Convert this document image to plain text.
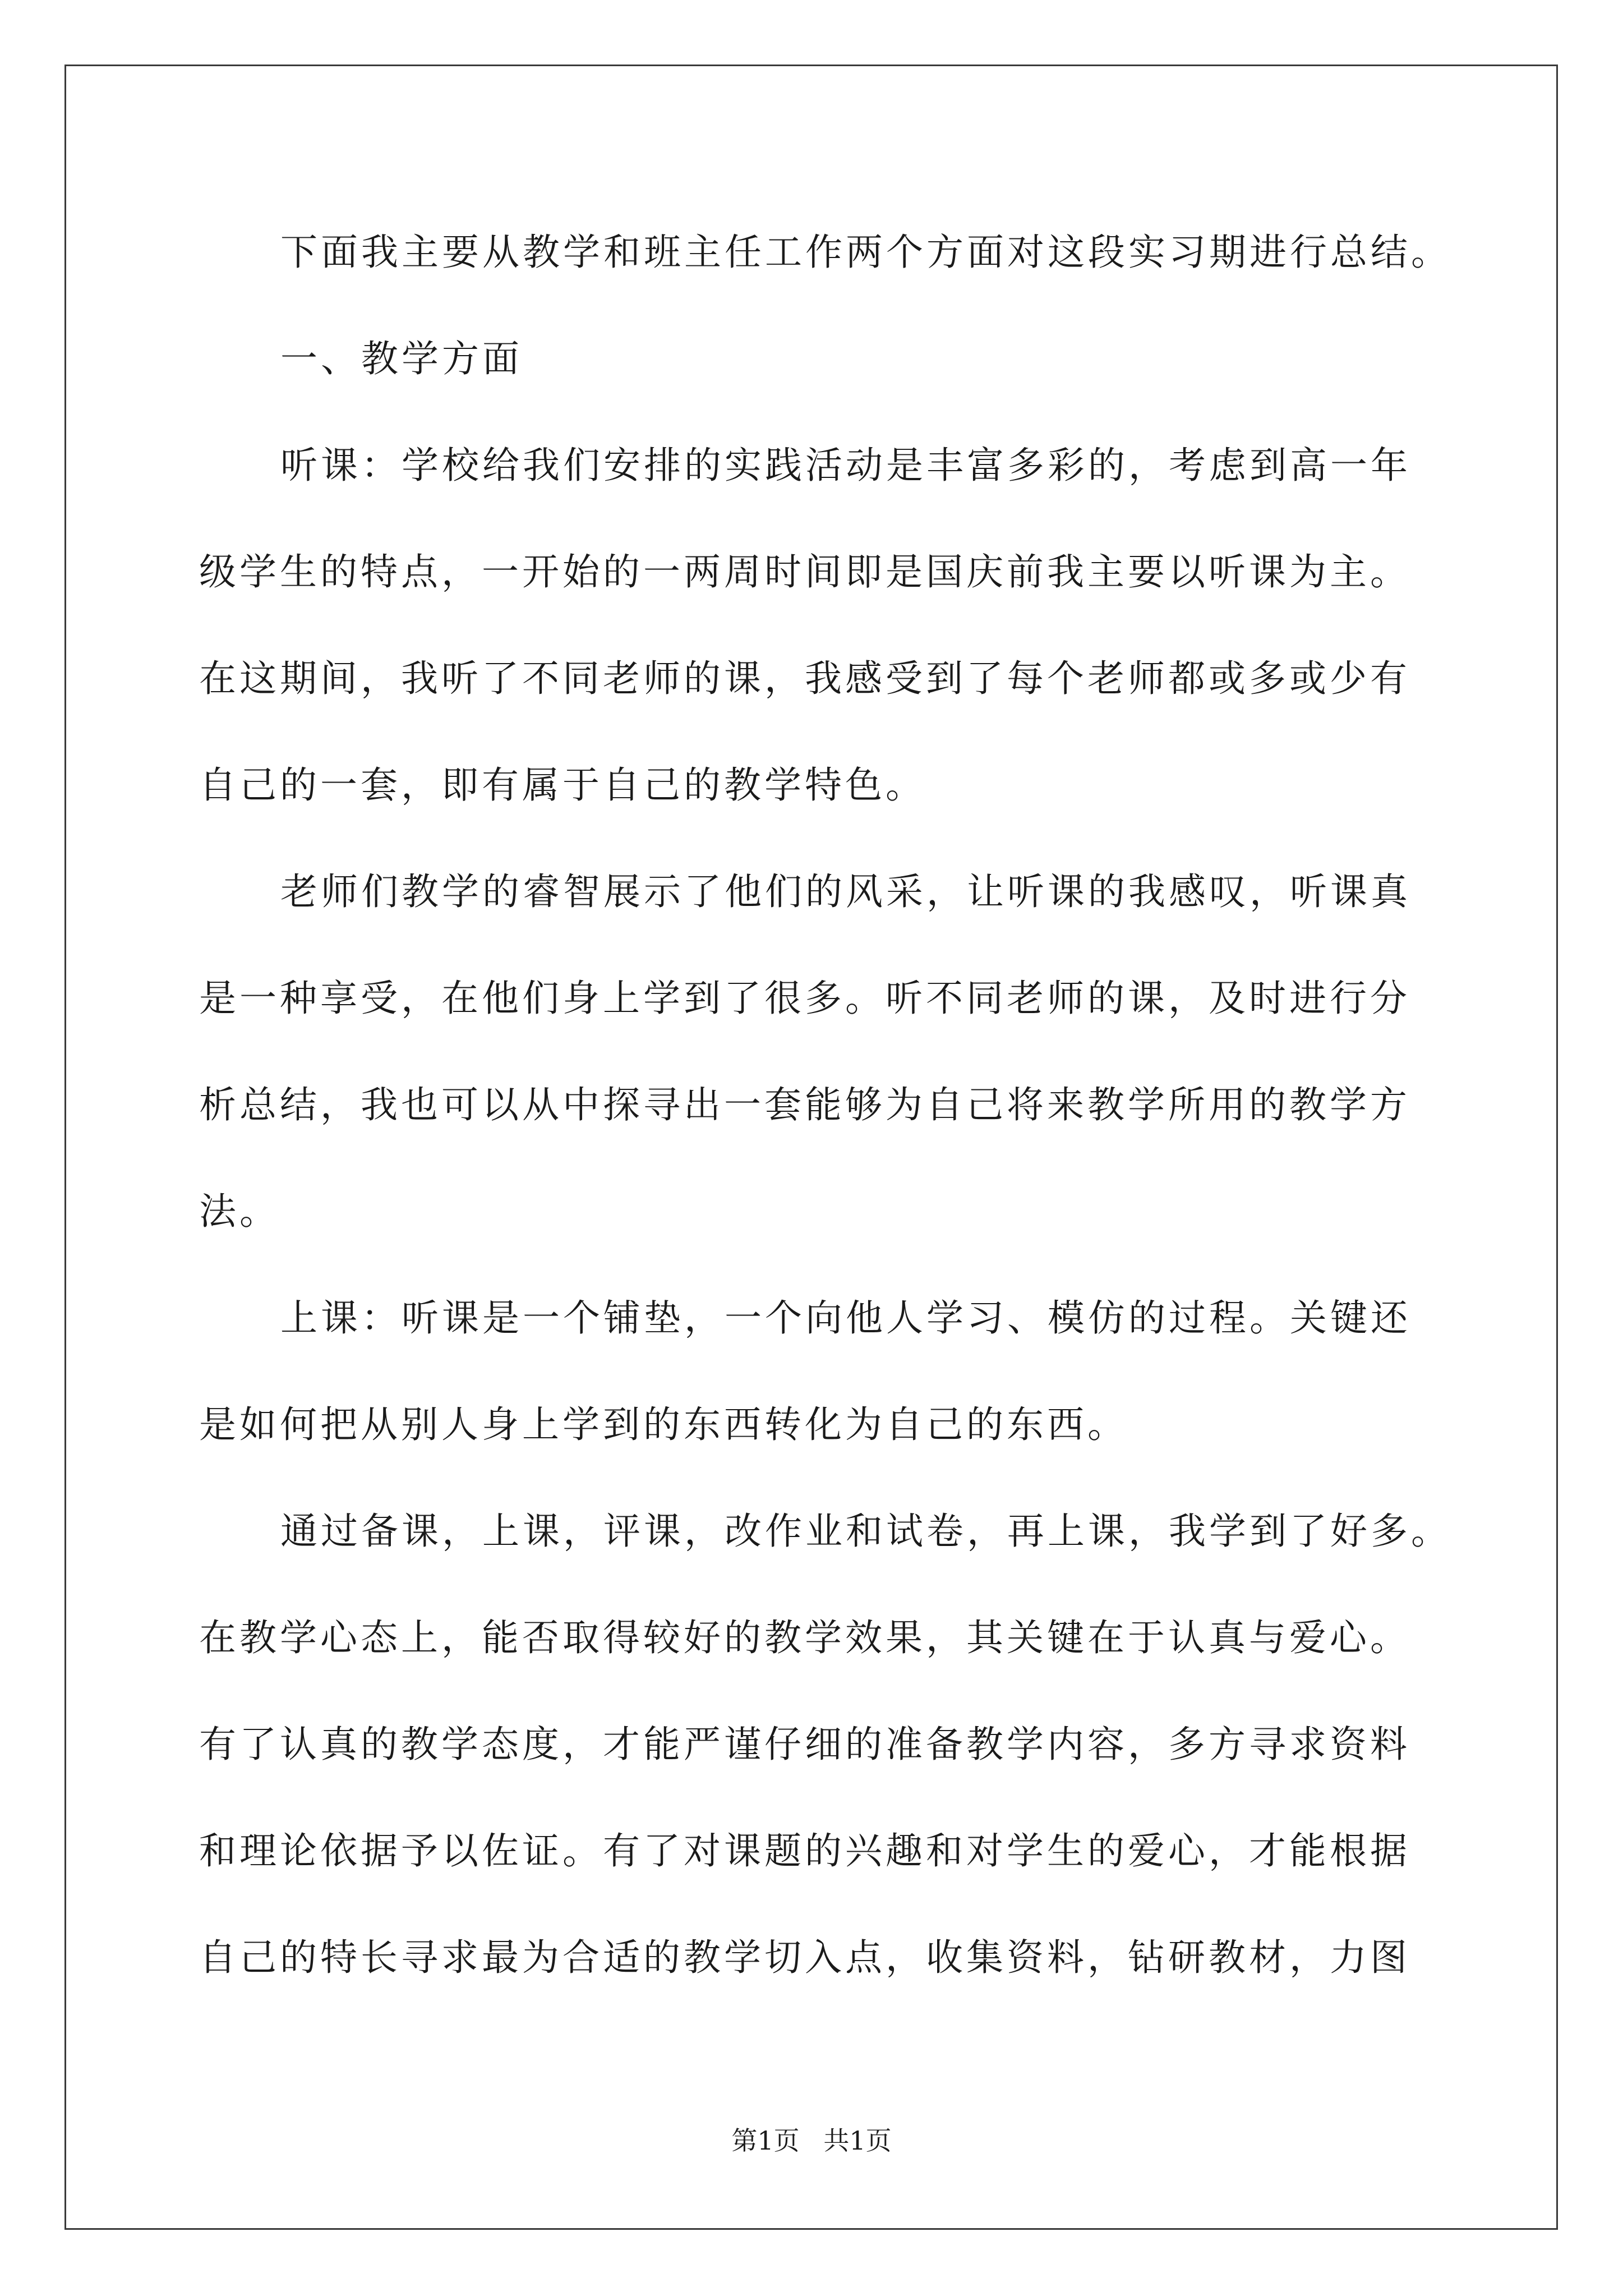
下面我主要从教学和班主任工作两个方面对这段实习期进行总结。
一、教学方面
听课：学校给我们安排的实践活动是丰富多彩的，考虑到高一年
级学生的特点，一开始的一两周时间即是国庆前我主要以听课为主。
在这期间，我听了不同老师的课，我感受到了每个老师都或多或少有
自己的一套，即有属于自己的教学特色。
老师们教学的睿智展示了他们的风采，让听课的我感叹，听课真
是一种享受，在他们身上学到了很多。听不同老师的课，及时进行分
析总结，我也可以从中探寻出一套能够为自己将来教学所用的教学方
法。
上课：听课是一个铺垫，一个向他人学习、模仿的过程。关键还
是如何把从别人身上学到的东西转化为自己的东西。
通过备课，上课，评课，改作业和试卷，再上课，我学到了好多。
在教学心态上，能否取得较好的教学效果，其关键在于认真与爱心。
有了认真的教学态度，才能严谨仔细的准备教学内容，多方寻求资料
和理论依据予以佐证。有了对课题的兴趣和对学生的爱心，才能根据
自己的特长寻求最为合适的教学切入点，收集资料，钻研教材，力图
第1页 共1页
